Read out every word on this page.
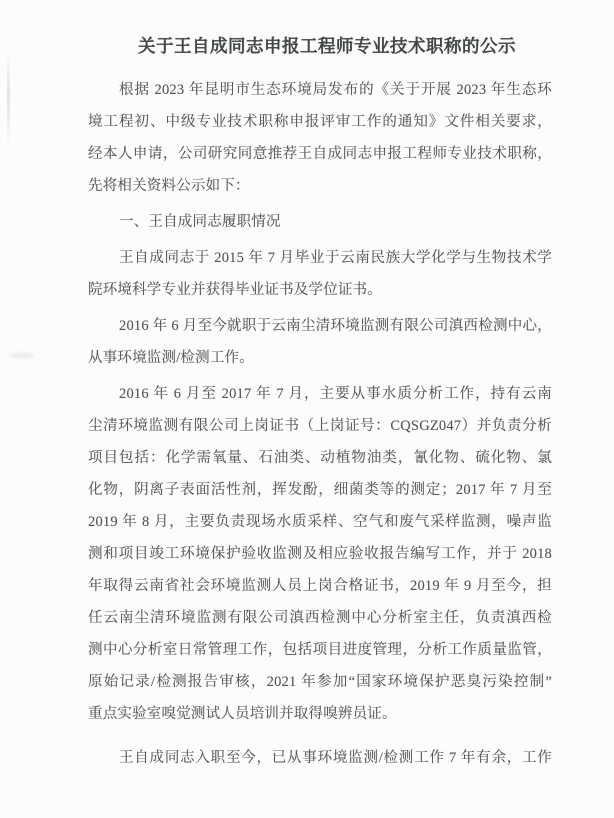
关于王自成同志申报工程师专业技术职称的公示
根据 2023 年昆明市生态环境局发布的《关于开展 2023 年生态环
境工程初、中级专业技术职称申报评审工作的通知》文件相关要求，
经本人申请，公司研究同意推荐王自成同志申报工程师专业技术职称，
先将相关资料公示如下：
一、王自成同志履职情况
王自成同志于 2015 年 7 月毕业于云南民族大学化学与生物技术学
院环境科学专业并获得毕业证书及学位证书。
2016 年 6 月至今就职于云南尘清环境监测有限公司滇西检测中心，
从事环境监测/检测工作。
2016 年 6 月至 2017 年 7 月，主要从事水质分析工作，持有云南
尘清环境监测有限公司上岗证书（上岗证号：CQSGZ047）并负责分析
项目包括：化学需氧量、石油类、动植物油类，氰化物、硫化物、氯
化物，阴离子表面活性剂，挥发酚，细菌类等的测定；2017 年 7 月至
2019 年 8 月，主要负责现场水质采样、空气和废气采样监测，噪声监
测和项目竣工环境保护验收监测及相应验收报告编写工作，并于 2018
年取得云南省社会环境监测人员上岗合格证书，2019 年 9 月至今，担
任云南尘清环境监测有限公司滇西检测中心分析室主任，负责滇西检
测中心分析室日常管理工作，包括项目进度管理，分析工作质量监管，
原始记录/检测报告审核，2021 年参加“国家环境保护恶臭污染控制”
重点实验室嗅觉测试人员培训并取得嗅辨员证。
王自成同志入职至今，已从事环境监测/检测工作 7 年有余，工作
